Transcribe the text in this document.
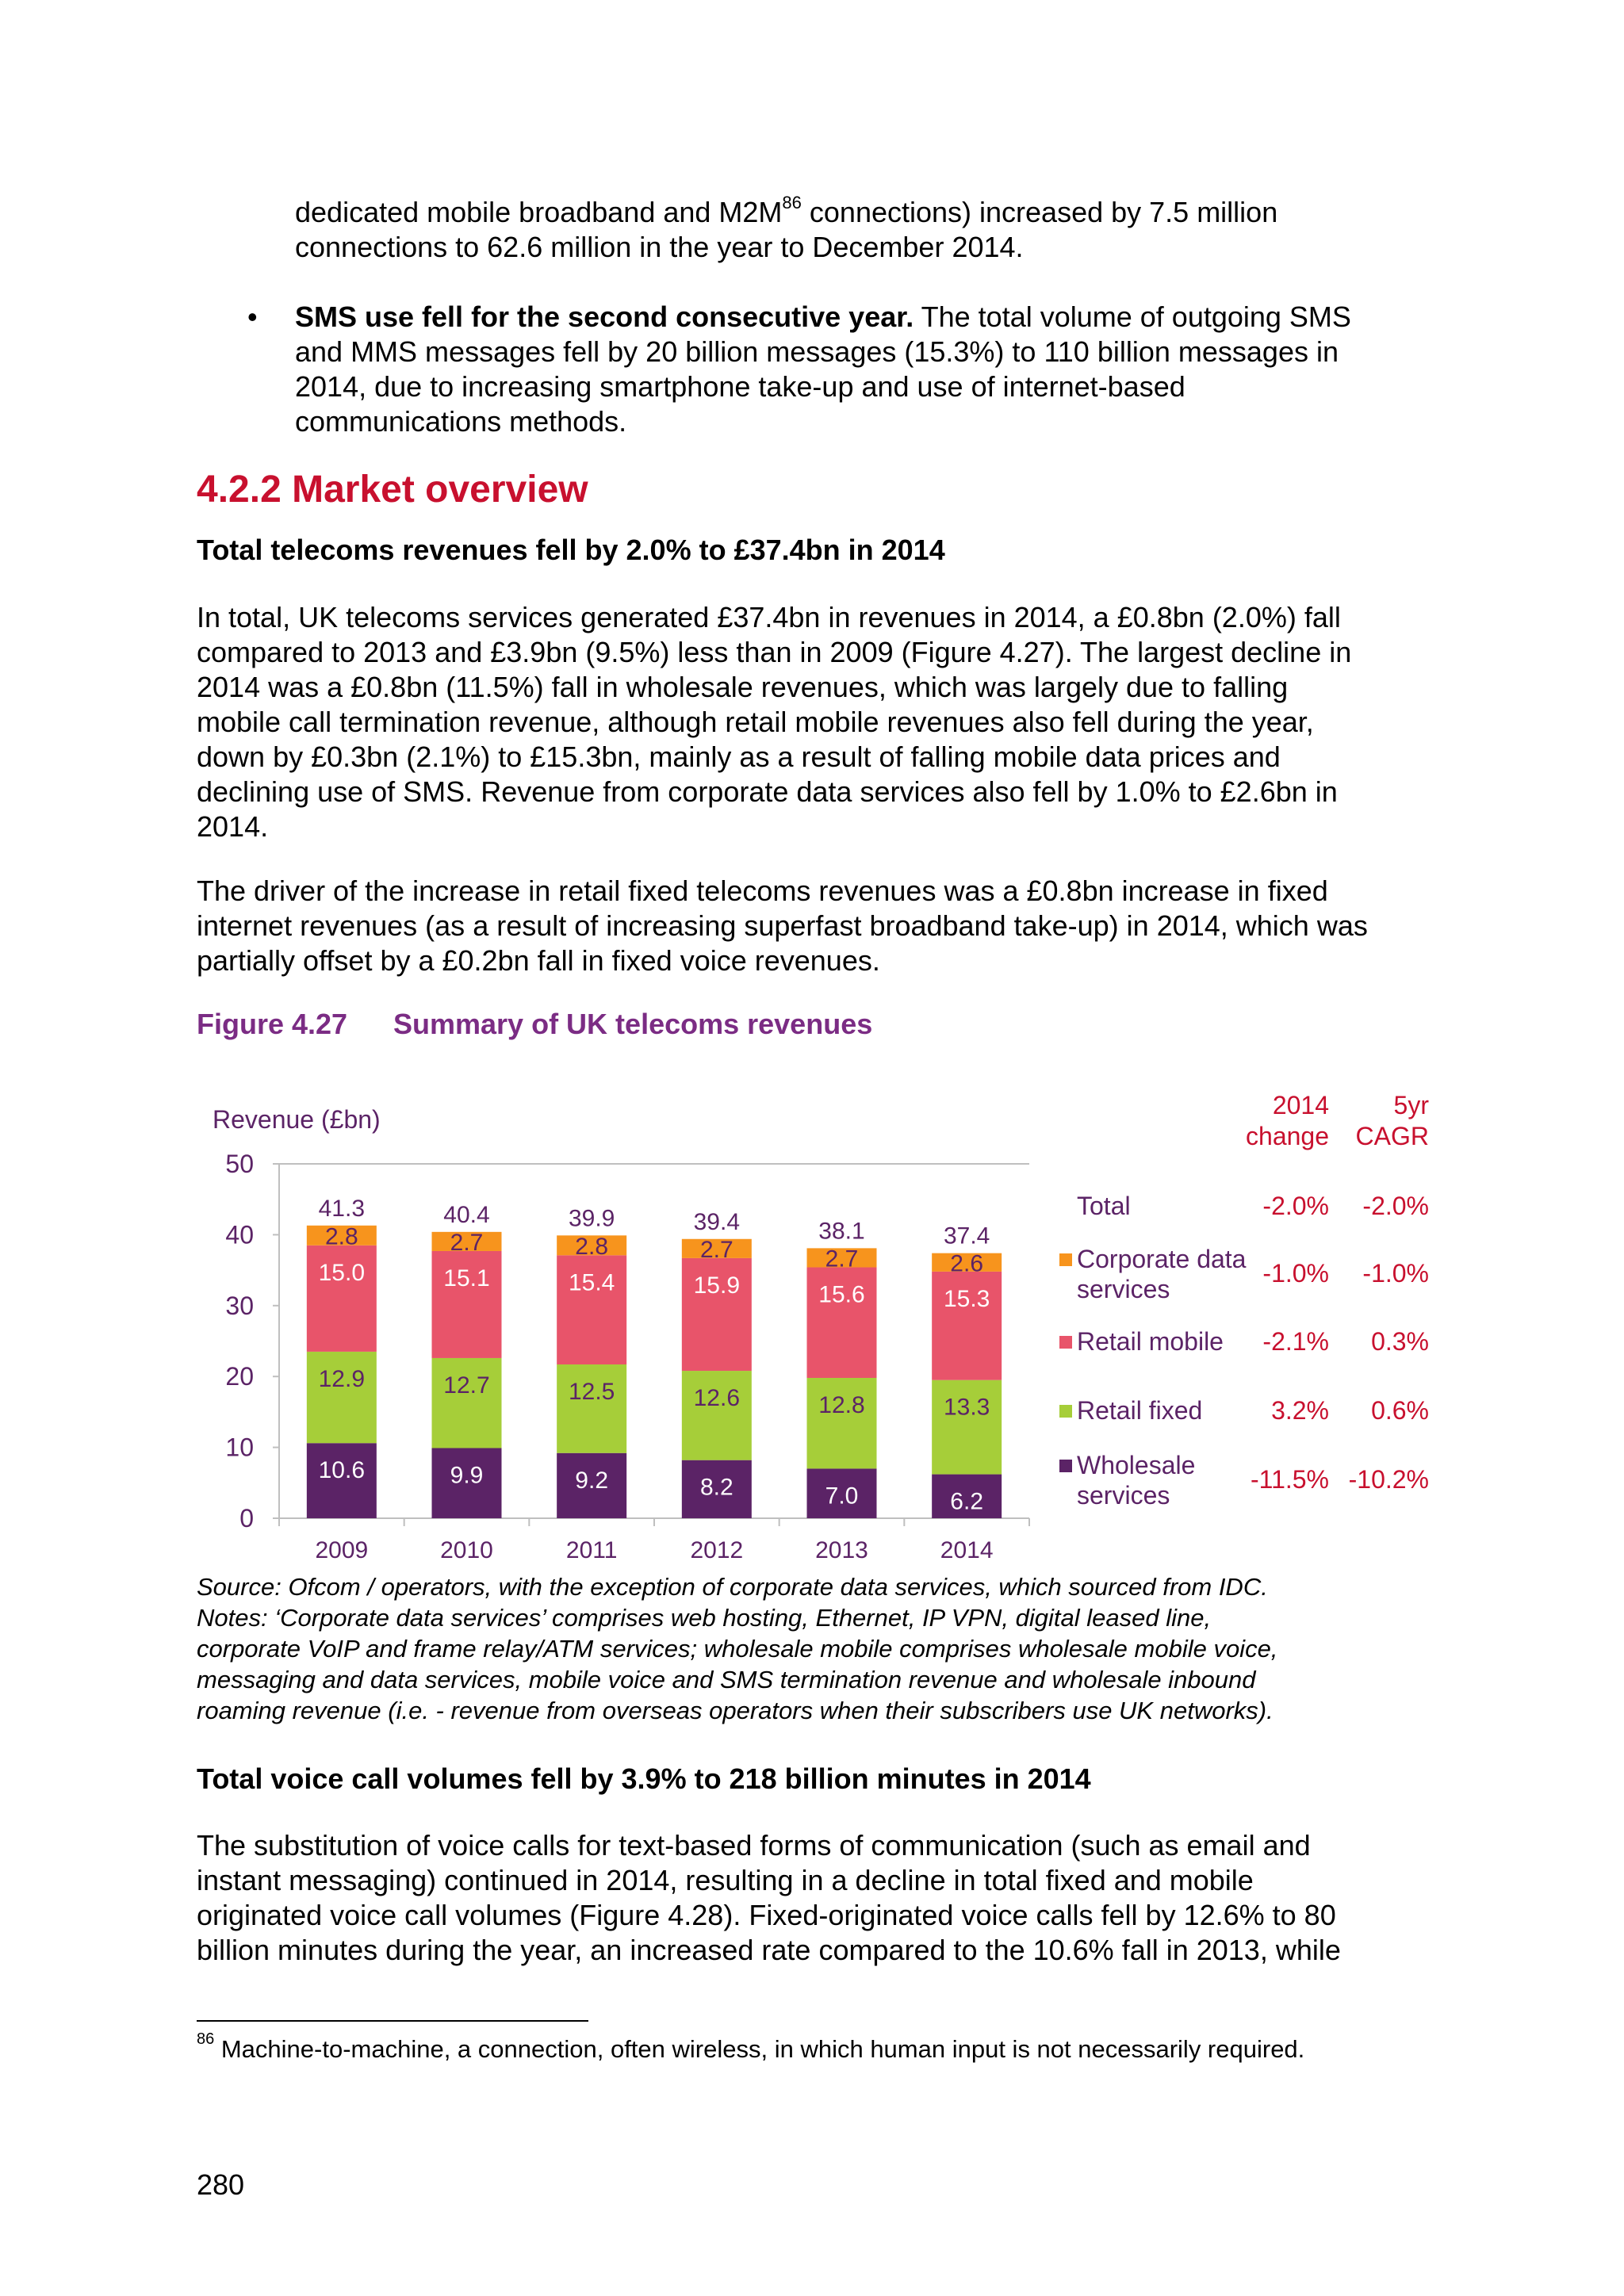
dedicated mobile broadband and $M2M^{86}$ connections) increased by 7.5 million
connections to 62.6 million in the year to December 2014.

• SMS use fell for the second consecutive year. The total volume of outgoing SMS
and MMS messages fell by 20 billion messages (15.3%) to 110 billion messages in
2014, due to increasing smartphone take-up and use of internet-based
communications methods.

4.2.2 Market overview
Total telecoms revenues fell by 2.0% to £37.4bn in 2014

In total, UK telecoms services generated £37.4bn in revenues in 2014, a £0.8bn (2.0%) fall
compared to 2013 and £3.9bn (9.5%) less than in 2009 (Figure 4.27). The largest decline in
2014 was a £0.8bn (11.5%) fall in wholesale revenues, which was largely due to falling
mobile call termination revenue, although retail mobile revenues also fell during the year,
down by £0.3bn (2.1%) to £15.3bn, mainly as a result of falling mobile data prices and
declining use of SMS. Revenue from corporate data services also fell by 1.0% to £2.6bn in
2014.

The driver of the increase in retail fixed telecoms revenues was a £0.8bn increase in fixed
internet revenues (as a result of increasing superfast broadband take-up) in 2014, which was
partially offset by a £0.2bn fall in fixed voice revenues.

Figure 4.27 Summary of UK telecoms revenues

Revenue (£bn)
0
10
20
30
40
50
10.6
12.9
15.0
2.8
41.3
2009
9.9
12.7
15.1
2.7
40.4
2010
9.2
12.5
15.4
2.8
39.9
2011
8.2
12.6
15.9
2.7
39.4
2012
7.0
12.8
15.6
2.7
38.1
2013
6.2
13.3
15.3
2.6
37.4
2014
2014
change
5yr
CAGR
Total	-2.0% -2.0%
Corporate data
services
-1.0% -1.0%
Retail mobile -2.1% 0.3%
Retail fixed	3.2% 0.6%
Wholesale
services
-11.5% -10.2%

Source: Ofcom / operators, with the exception of corporate data services, which sourced from IDC.
Notes: ‘Corporate data services’ comprises web hosting, Ethernet, IP VPN, digital leased line,
corporate VoIP and frame relay/ATM services; wholesale mobile comprises wholesale mobile voice,
messaging and data services, mobile voice and SMS termination revenue and wholesale inbound
roaming revenue (i.e. - revenue from overseas operators when their subscribers use UK networks).

Total voice call volumes fell by 3.9% to 218 billion minutes in 2014

The substitution of voice calls for text-based forms of communication (such as email and
instant messaging) continued in 2014, resulting in a decline in total fixed and mobile
originated voice call volumes (Figure 4.28). Fixed-originated voice calls fell by 12.6% to 80
billion minutes during the year, an increased rate compared to the 10.6% fall in 2013, while

$^{86}$ Machine-to-machine, a connection, often wireless, in which human input is not necessarily required.

280
